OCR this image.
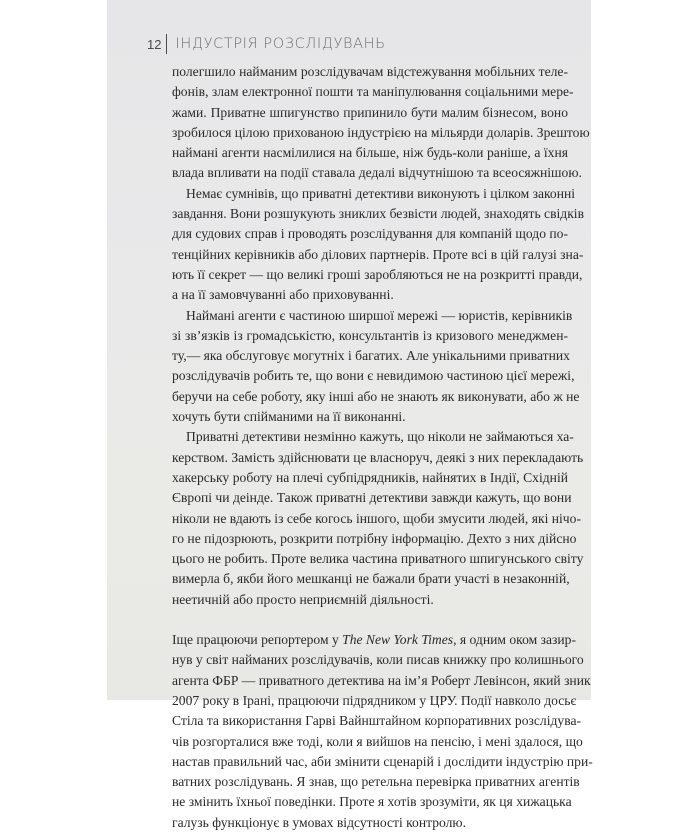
12 ІНДУСТРІЯ РОЗСЛІДУВАНЬ

полегшило найманим розслідувачам відстежування мобільних теле-
фонів, злам електронної пошти та маніпулювання соціальними мере-
жами. Приватне шпигунство припинило бути малим бізнесом, воно
зробилося цілою прихованою індустрією на мільярди доларів. Зрештою
наймані агенти насмілилися на більше, ніж будь-коли раніше, а їхня
влада впливати на події ставала дедалі відчутнішою та всеосяжнішою.

Немає сумнівів, що приватні детективи виконують і цілком законні
завдання. Вони розшукують зниклих безвісти людей, знаходять свідків
для судових справ і проводять розслідування для компаній щодо по-
тенційних керівників або ділових партнерів. Проте всі в цій галузі зна-
ють її секрет — що великі гроші заробляються не на розкритті правди,
а на її замовчуванні або приховуванні.

Наймані агенти є частиною ширшої мережі — юристів, керівників
зі зв’язків із громадськістю, консультантів із кризового менеджмен-
ту,— яка обслуговує могутніх і багатих. Але унікальними приватних
розслідувачів робить те, що вони є невидимою частиною цієї мережі,
беручи на себе роботу, яку інші або не знають як виконувати, або ж не
хочуть бути спійманими на її виконанні.

Приватні детективи незмінно кажуть, що ніколи не займаються ха-
керством. Замість здійснювати це власноруч, деякі з них перекладають
хакерську роботу на плечі субпідрядників, найнятих в Індії, Східній
Європі чи деінде. Також приватні детективи завжди кажуть, що вони
ніколи не вдають із себе когось іншого, щоби змусити людей, які нічо-
го не підозрюють, розкрити потрібну інформацію. Дехто з них дійсно
цього не робить. Проте велика частина приватного шпигунського світу
вимерла б, якби його мешканці не бажали брати участі в незаконній,
неетичній або просто неприємній діяльності.

Іще працюючи репортером у The New York Times, я одним оком зазир-
нув у світ найманих розслідувачів, коли писав книжку про колишнього
агента ФБР — приватного детектива на ім’я Роберт Левінсон, який зник
2007 року в Ірані, працюючи підрядником у ЦРУ. Події навколо досьє
Стіла та використання Гарві Вайнштайном корпоративних розслідува-
чів розгорталися вже тоді, коли я вийшов на пенсію, і мені здалося, що
настав правильний час, аби змінити сценарій і дослідити індустрію при-
ватних розслідувань. Я знав, що ретельна перевірка приватних агентів
не змінить їхньої поведінки. Проте я хотів зрозуміти, як ця хижацька
галузь функціонує в умовах відсутності контролю.
